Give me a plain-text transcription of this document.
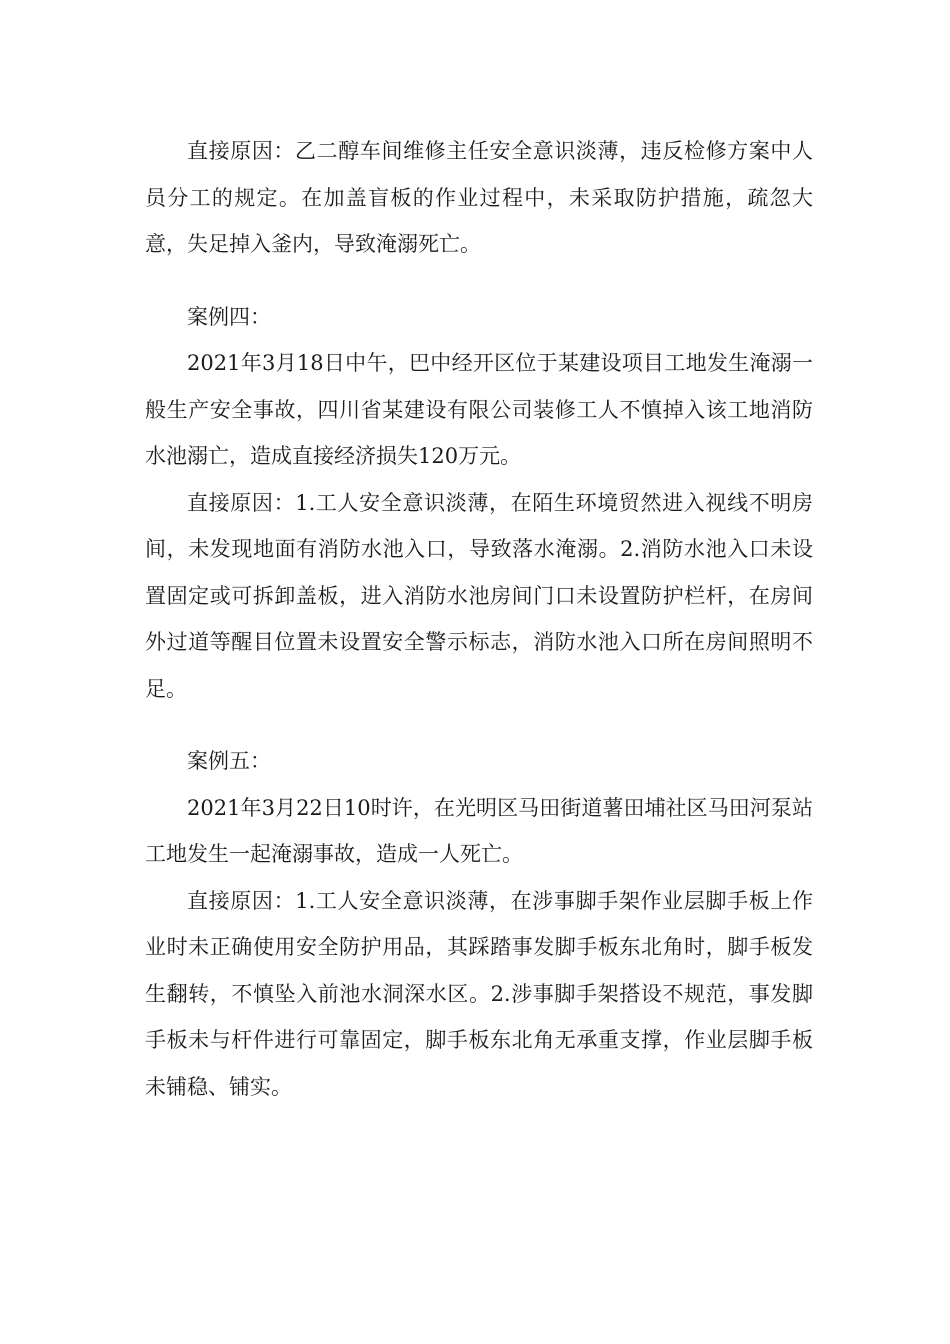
直接原因：乙二醇车间维修主任安全意识淡薄，违反检修方案中人员分工的规定。在加盖盲板的作业过程中，未采取防护措施，疏忽大意，失足掉入釜内，导致淹溺死亡。

案例四：

2021年3月18日中午，巴中经开区位于某建设项目工地发生淹溺一般生产安全事故，四川省某建设有限公司装修工人不慎掉入该工地消防水池溺亡，造成直接经济损失120万元。

直接原因：1.工人安全意识淡薄，在陌生环境贸然进入视线不明房间，未发现地面有消防水池入口，导致落水淹溺。2.消防水池入口未设置固定或可拆卸盖板，进入消防水池房间门口未设置防护栏杆，在房间外过道等醒目位置未设置安全警示标志，消防水池入口所在房间照明不足。

案例五：

2021年3月22日10时许，在光明区马田街道薯田埔社区马田河泵站工地发生一起淹溺事故，造成一人死亡。

直接原因：1.工人安全意识淡薄，在涉事脚手架作业层脚手板上作业时未正确使用安全防护用品，其踩踏事发脚手板东北角时，脚手板发生翻转，不慎坠入前池水洞深水区。2.涉事脚手架搭设不规范，事发脚手板未与杆件进行可靠固定，脚手板东北角无承重支撑，作业层脚手板未铺稳、铺实。
